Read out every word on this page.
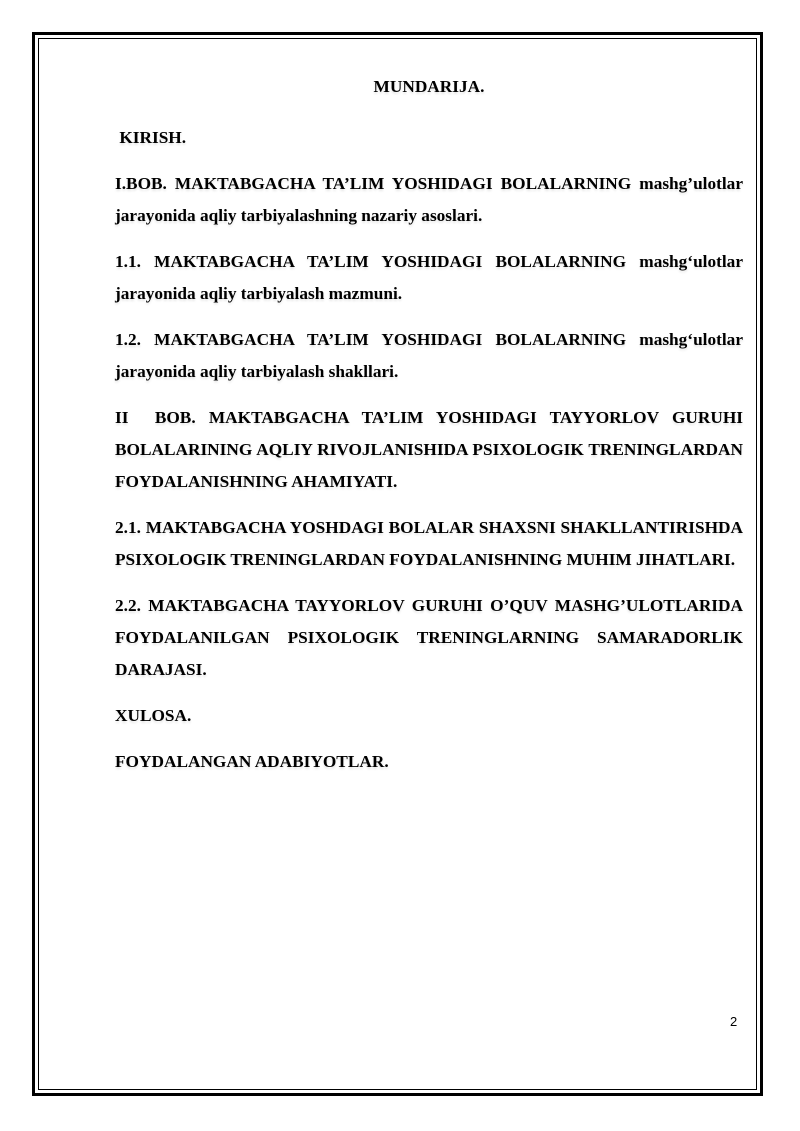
MUNDARIJA.

KIRISH.

I.BOB. MAKTABGACHA TA’LIM YOSHIDAGI BOLALARNING mashg’ulotlar jarayonida aqliy tarbiyalashning nazariy asoslari.

1.1. MAKTABGACHA TA’LIM YOSHIDAGI BOLALARNING mashg‘ulotlar jarayonida aqliy tarbiyalash mazmuni.

1.2. MAKTABGACHA TA’LIM YOSHIDAGI BOLALARNING mashg‘ulotlar jarayonida aqliy tarbiyalash shakllari.

II  BOB. MAKTABGACHA TA’LIM YOSHIDAGI TAYYORLOV GURUHI BOLALARINING AQLIY RIVOJLANISHIDA PSIXOLOGIK TRENINGLARDAN FOYDALANISHNING AHAMIYATI.

2.1. MAKTABGACHA YOSHDAGI BOLALAR SHAXSNI SHAKLLANTIRISHDA PSIXOLOGIK TRENINGLARDAN FOYDALANISHNING MUHIM JIHATLARI.

2.2. MAKTABGACHA TAYYORLOV GURUHI O’QUV MASHG’ULOTLARIDA FOYDALANILGAN PSIXOLOGIK TRENINGLARNING SAMARADORLIK DARAJASI.

XULOSA.

FOYDALANGAN ADABIYOTLAR.

2
